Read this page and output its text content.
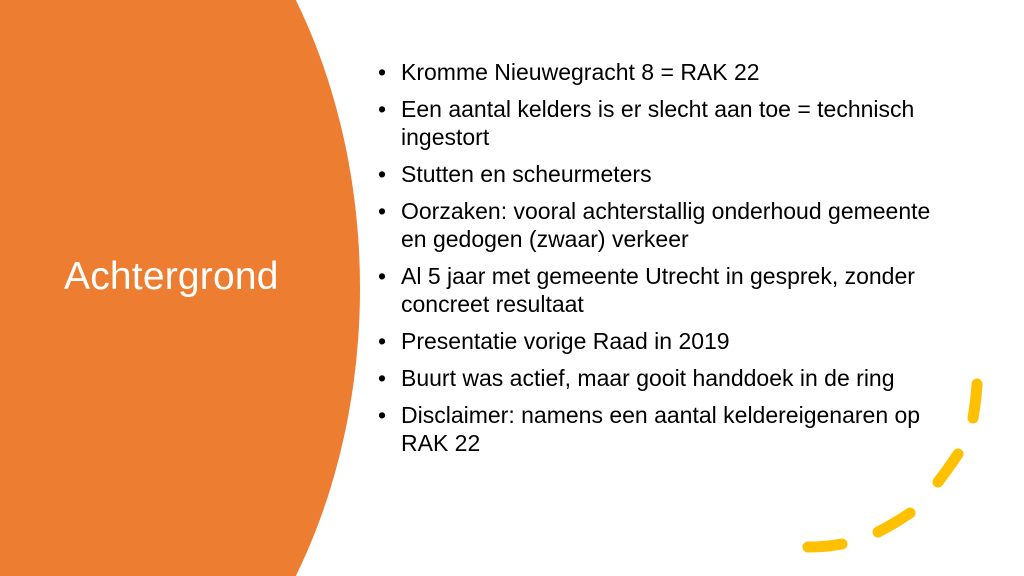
Achtergrond
• Kromme Nieuwegracht 8 = RAK 22
• Een aantal kelders is er slecht aan toe = technisch ingestort
• Stutten en scheurmeters
• Oorzaken: vooral achterstallig onderhoud gemeente en gedogen (zwaar) verkeer
• Al 5 jaar met gemeente Utrecht in gesprek, zonder concreet resultaat
• Presentatie vorige Raad in 2019
• Buurt was actief, maar gooit handdoek in de ring
• Disclaimer: namens een aantal keldereigenaren op RAK 22
